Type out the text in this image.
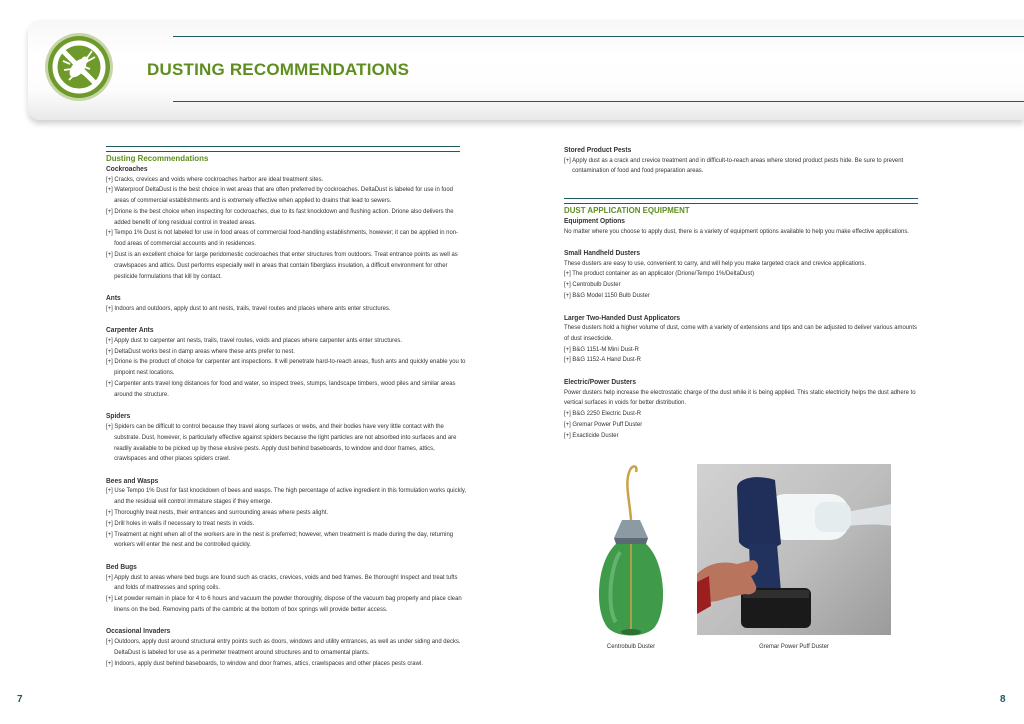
DUSTING RECOMMENDATIONS
Dusting Recommendations
Cockroaches
[+] Cracks, crevices and voids where cockroaches harbor are ideal treatment sites.
[+] Waterproof DeltaDust is the best choice in wet areas that are often preferred by cockroaches. DeltaDust is labeled for use in food areas of commercial establishments and is extremely effective when applied to drains that lead to sewers.
[+] Drione is the best choice when inspecting for cockroaches, due to its fast knockdown and flushing action. Drione also delivers the added benefit of long residual control in treated areas.
[+] Tempo 1% Dust is not labeled for use in food areas of commercial food-handling establishments, however; it can be applied in non-food areas of commercial accounts and in residences.
[+] Dust is an excellent choice for large peridomestic cockroaches that enter structures from outdoors. Treat entrance points as well as crawlspaces and attics. Dust performs especially well in areas that contain fiberglass insulation, a difficult environment for other pesticide formulations that kill by contact.
Ants
[+] Indoors and outdoors, apply dust to ant nests, trails, travel routes and places where ants enter structures.
Carpenter Ants
[+] Apply dust to carpenter ant nests, trails, travel routes, voids and places where carpenter ants enter structures.
[+] DeltaDust works best in damp areas where these ants prefer to nest.
[+] Drione is the product of choice for carpenter ant inspections. It will penetrate hard-to-reach areas, flush ants and quickly enable you to pinpoint nest locations.
[+] Carpenter ants travel long distances for food and water, so inspect trees, stumps, landscape timbers, wood piles and similar areas around the structure.
Spiders
[+] Spiders can be difficult to control because they travel along surfaces or webs, and their bodies have very little contact with the substrate. Dust, however, is particularly effective against spiders because the light particles are not absorbed into surfaces and are readily available to be picked up by these elusive pests. Apply dust behind baseboards, to window and door frames, attics, crawlspaces and other places spiders crawl.
Bees and Wasps
[+] Use Tempo 1% Dust for fast knockdown of bees and wasps. The high percentage of active ingredient in this formulation works quickly, and the residual will control immature stages if they emerge.
[+] Thoroughly treat nests, their entrances and surrounding areas where pests alight.
[+] Drill holes in walls if necessary to treat nests in voids.
[+] Treatment at night when all of the workers are in the nest is preferred; however, when treatment is made during the day, returning workers will enter the nest and be controlled quickly.
Bed Bugs
[+] Apply dust to areas where bed bugs are found such as cracks, crevices, voids and bed frames. Be thorough! Inspect and treat tufts and folds of mattresses and spring coils.
[+] Let powder remain in place for 4 to 6 hours and vacuum the powder thoroughly, dispose of the vacuum bag properly and place clean linens on the bed. Removing parts of the cambric at the bottom of box springs will provide better access.
Occasional Invaders
[+] Outdoors, apply dust around structural entry points such as doors, windows and utility entrances, as well as under siding and decks. DeltaDust is labeled for use as a perimeter treatment around structures and to ornamental plants.
[+] Indoors, apply dust behind baseboards, to window and door frames, attics, crawlspaces and other places pests crawl.
Stored Product Pests
[+] Apply dust as a crack and crevice treatment and in difficult-to-reach areas where stored product pests hide. Be sure to prevent contamination of food and food preparation areas.
DUST APPLICATION EQUIPMENT
Equipment Options
No matter where you choose to apply dust, there is a variety of equipment options available to help you make effective applications.
Small Handheld Dusters
These dusters are easy to use, convenient to carry, and will help you make targeted crack and crevice applications.
[+] The product container as an applicator (Drione/Tempo 1%/DeltaDust)
[+] Centrobulb Duster
[+] B&G Model 1150 Bulb Duster
Larger Two-Handed Dust Applicators
These dusters hold a higher volume of dust, come with a variety of extensions and tips and can be adjusted to deliver various amounts of dust insecticide.
[+] B&G 1151-M Mini Dust-R
[+] B&G 1152-A Hand Dust-R
Electric/Power Dusters
Power dusters help increase the electrostatic charge of the dust while it is being applied. This static electricity helps the dust adhere to vertical surfaces in voids for better distribution.
[+] B&G 2250 Electric Dust-R
[+] Gremar Power Puff Duster
[+] Exacticide Duster
Centrobulb Duster	Gremar Power Puff Duster
7	8
